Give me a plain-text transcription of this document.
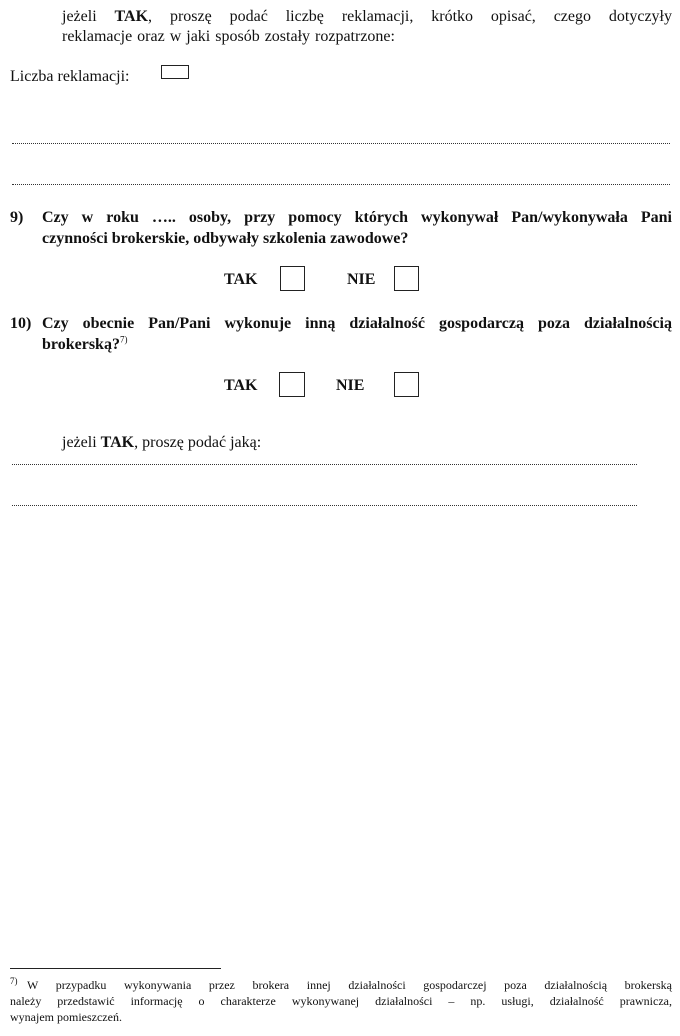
jeżeli TAK, proszę podać liczbę reklamacji, krótko opisać, czego dotyczyły
reklamacje oraz w jaki sposób zostały rozpatrzone:
Liczba reklamacji:
9) Czy w roku ….. osoby, przy pomocy których wykonywał Pan/wykonywała Pani
czynności brokerskie, odbywały szkolenia zawodowe?
TAK	NIE
10) Czy obecnie Pan/Pani wykonuje inną działalność gospodarczą poza działalnością
brokerską?$^{7)}$
TAK	NIE
jeżeli TAK, proszę podać jaką:
7) W przypadku wykonywania przez brokera innej działalności gospodarczej poza działalnością brokerską
należy przedstawić informację o charakterze wykonywanej działalności – np. usługi, działalność prawnicza,
wynajem pomieszczeń.
